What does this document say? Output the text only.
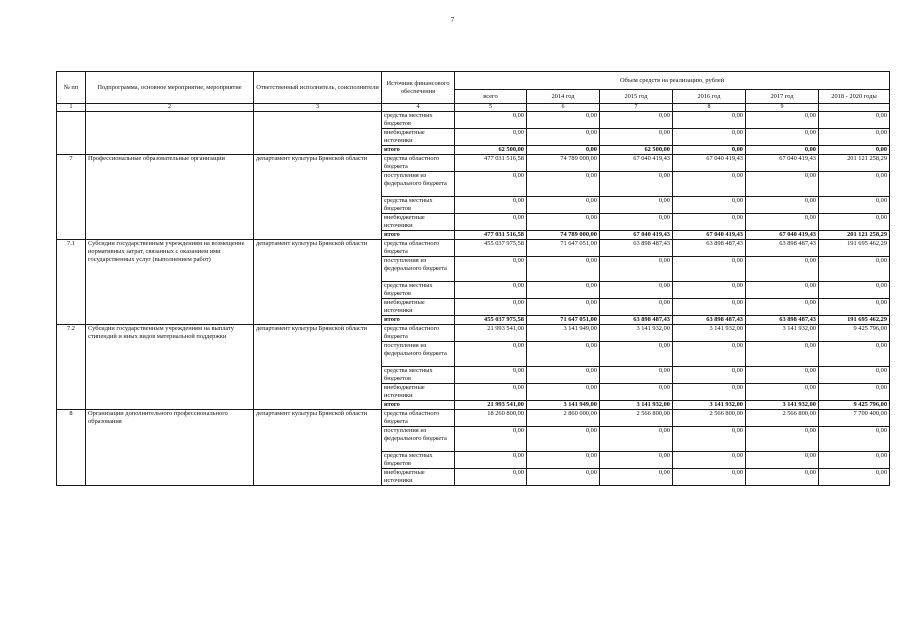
7
№ пп	Подпрограмма, основное мероприятие, мероприятие	Ответственный исполнитель, соисполнители	Источник финансового обеспечения	Объем средств на реализацию, рублей					
				всего	2014 год	2015 год	2016 год	2017 год	2018 - 2020 годы
1	2	3	4	5	6	7	8	9	
			средства местных бюджетов	0,00	0,00	0,00	0,00	0,00	0,00
			внебюджетные источники	0,00	0,00	0,00	0,00	0,00	0,00
			итого	62 500,00	0,00	62 500,00	0,00	0,00	0,00
7	Профессиональные образовательные организации	департамент культуры Брянской области	средства областного бюджета	477 031 516,58	74 789 000,00	67 040 419,43	67 040 419,43	67 040 419,43	201 121 258,29
			поступления из федерального бюджета	0,00	0,00	0,00	0,00	0,00	0,00
			средства местных бюджетов	0,00	0,00	0,00	0,00	0,00	0,00
			внебюджетные источники	0,00	0,00	0,00	0,00	0,00	0,00
			итого	477 031 516,58	74 789 000,00	67 040 419,43	67 040 419,43	67 040 419,43	201 121 258,29
7.1	Субсидии государственным учреждениям на возмещение нормативных затрат, связанных с оказанием ими государственных услуг (выполнением работ)	департамент культуры Брянской области	средства областного бюджета	455 037 975,58	71 647 051,00	63 898 487,43	63 898 487,43	63 898 487,43	191 695 462,29
			поступления из федерального бюджета	0,00	0,00	0,00	0,00	0,00	0,00
			средства местных бюджетов	0,00	0,00	0,00	0,00	0,00	0,00
			внебюджетные источники	0,00	0,00	0,00	0,00	0,00	0,00
			итого	455 037 975,58	71 647 051,00	63 898 487,43	63 898 487,43	63 898 487,43	191 695 462,29
7.2	Субсидии государственным учреждениям на выплату стипендий и иных видов материальной поддержки	департамент культуры Брянской области	средства областного бюджета	21 993 541,00	3 141 949,00	3 141 932,00	3 141 932,00	3 141 932,00	9 425 796,00
			поступления из федерального бюджета	0,00	0,00	0,00	0,00	0,00	0,00
			средства местных бюджетов	0,00	0,00	0,00	0,00	0,00	0,00
			внебюджетные источники	0,00	0,00	0,00	0,00	0,00	0,00
			итого	21 993 541,00	3 141 949,00	3 141 932,00	3 141 932,00	3 141 932,00	9 425 796,00
8	Организации дополнительного профессионального образования	департамент культуры Брянской области	средства областного бюджета	18 260 800,00	2 860 000,00	2 566 800,00	2 566 800,00	2 566 800,00	7 700 400,00
			поступления из федерального бюджета	0,00	0,00	0,00	0,00	0,00	0,00
			средства местных бюджетов	0,00	0,00	0,00	0,00	0,00	0,00
			внебюджетные источники	0,00	0,00	0,00	0,00	0,00	0,00
